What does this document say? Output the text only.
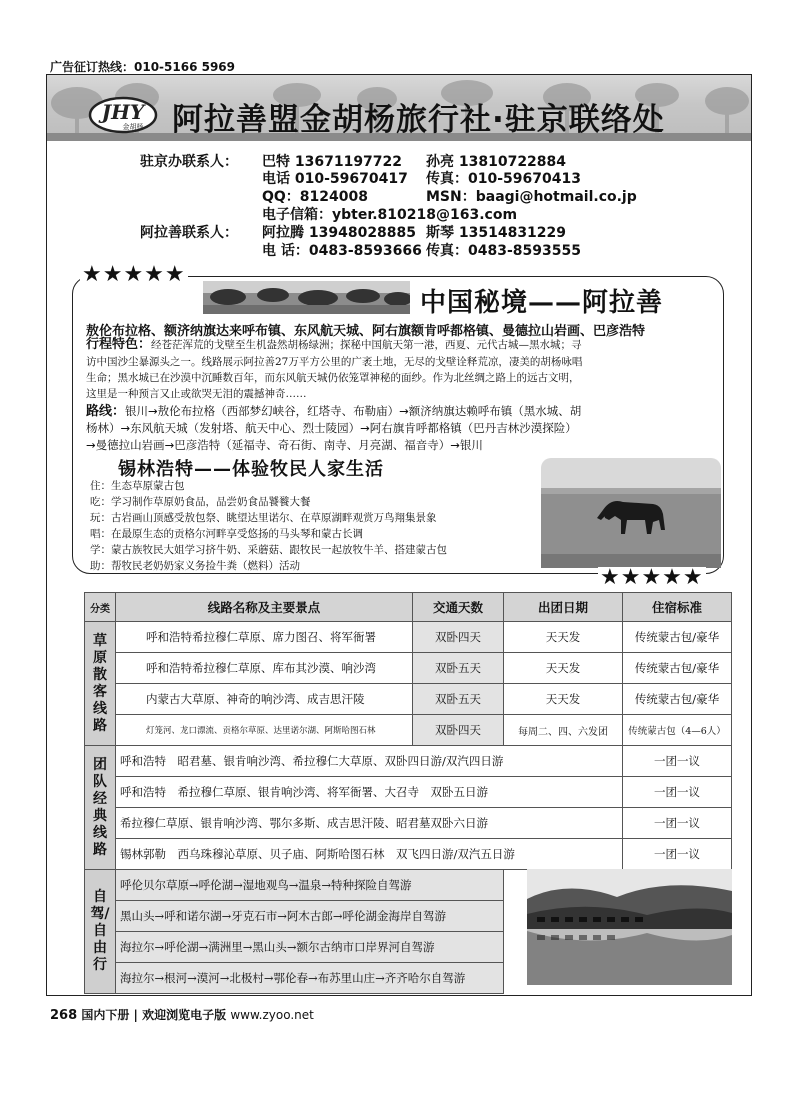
广告征订热线：010-5166 5969
JHY
金胡杨 阿拉善盟金胡杨旅行社·驻京联络处
驻京办联系人： 巴特 13671197722 孙亮 13810722884
电话 010-59670417 传真：010-59670413
QQ：8124008	MSN：baagi@hotmail.co.jp
电子信箱：ybter.810218@163.com
阿拉善联系人： 阿拉腾 13948028885 斯琴 13514831229
电 话：0483-8593666 传真：0483-8593555
★★★★★
中国秘境——阿拉善
敖伦布拉格、额济纳旗达来呼布镇、东风航天城、阿右旗额肯呼都格镇、曼德拉山岩画、巴彦浩特
行程特色：经苍茫浑荒的戈壁至生机盎然胡杨绿洲；探秘中国航天第一港，西夏、元代古城—黑水城；寻
访中国沙尘暴源头之一。线路展示阿拉善27万平方公里的广袤土地，无尽的戈壁诠释荒凉，凄美的胡杨咏唱
生命；黑水城已在沙漠中沉睡数百年，而东风航天城仍依笼罩神秘的面纱。作为北丝绸之路上的远古文明，
这里是一种预言又止或欲哭无泪的震撼神奇……
路线：银川→敖伦布拉格（西部梦幻峡谷，红塔寺、布勒庙）→额济纳旗达赖呼布镇（黑水城、胡
杨林）→东风航天城（发射塔、航天中心、烈士陵园）→阿右旗肯呼都格镇（巴丹吉林沙漠探险）
→曼德拉山岩画→巴彦浩特（延福寺、奇石街、南寺、月亮湖、福音寺）→银川
锡林浩特——体验牧民人家生活
住：生态草原蒙古包
吃：学习制作草原奶食品，品尝奶食品饕餮大餐
玩：古岩画山顶感受敖包祭、眺望达里诺尔、在草原湖畔观赏万鸟翔集景象
唱：在最原生态的贡格尔河畔享受悠扬的马头琴和蒙古长调
学：蒙古族牧民大姐学习挤牛奶、采蘑菇、跟牧民一起放牧牛羊、搭建蒙古包
助：帮牧民老奶奶家义务捡牛粪（燃料）活动	★★★★★
分类	线路名称及主要景点	交通天数	出团日期	住宿标准
草原散客线路	呼和浩特希拉穆仁草原、席力图召、将军衙署	双卧四天	天天发	传统蒙古包/豪华
	呼和浩特希拉穆仁草原、库布其沙漠、响沙湾	双卧五天	天天发	传统蒙古包/豪华
	内蒙古大草原、神奇的响沙湾、成吉思汗陵	双卧五天	天天发	传统蒙古包/豪华
	灯笼河、龙口漂流、贡格尔草原、达里诺尔湖、阿斯哈图石林	双卧四天	每周二、四、六发团	传统蒙古包（4—6人）
团队经典线路	呼和浩特　昭君墓、银肯响沙湾、希拉穆仁大草原、双卧四日游/双汽四日游			一团一议
	呼和浩特　希拉穆仁草原、银肯响沙湾、将军衙署、大召寺　双卧五日游			一团一议
	希拉穆仁草原、银肯响沙湾、鄂尔多斯、成吉思汗陵、昭君墓双卧六日游			一团一议
	锡林郭勒　西乌珠穆沁草原、贝子庙、阿斯哈图石林　双飞四日游/双汽五日游			一团一议
自驾/自由行	呼伦贝尔草原→呼伦湖→湿地观鸟→温泉→特种探险自驾游			
	黑山头→呼和诺尔湖→牙克石市→阿木古郎→呼伦湖金海岸自驾游			
	海拉尔→呼伦湖→满洲里→黑山头→额尔古纳市口岸界河自驾游			
	海拉尔→根河→漠河→北极村→鄂伦春→布苏里山庄→齐齐哈尔自驾游			
268 国内下册 | 欢迎浏览电子版 www.zyoo.net
